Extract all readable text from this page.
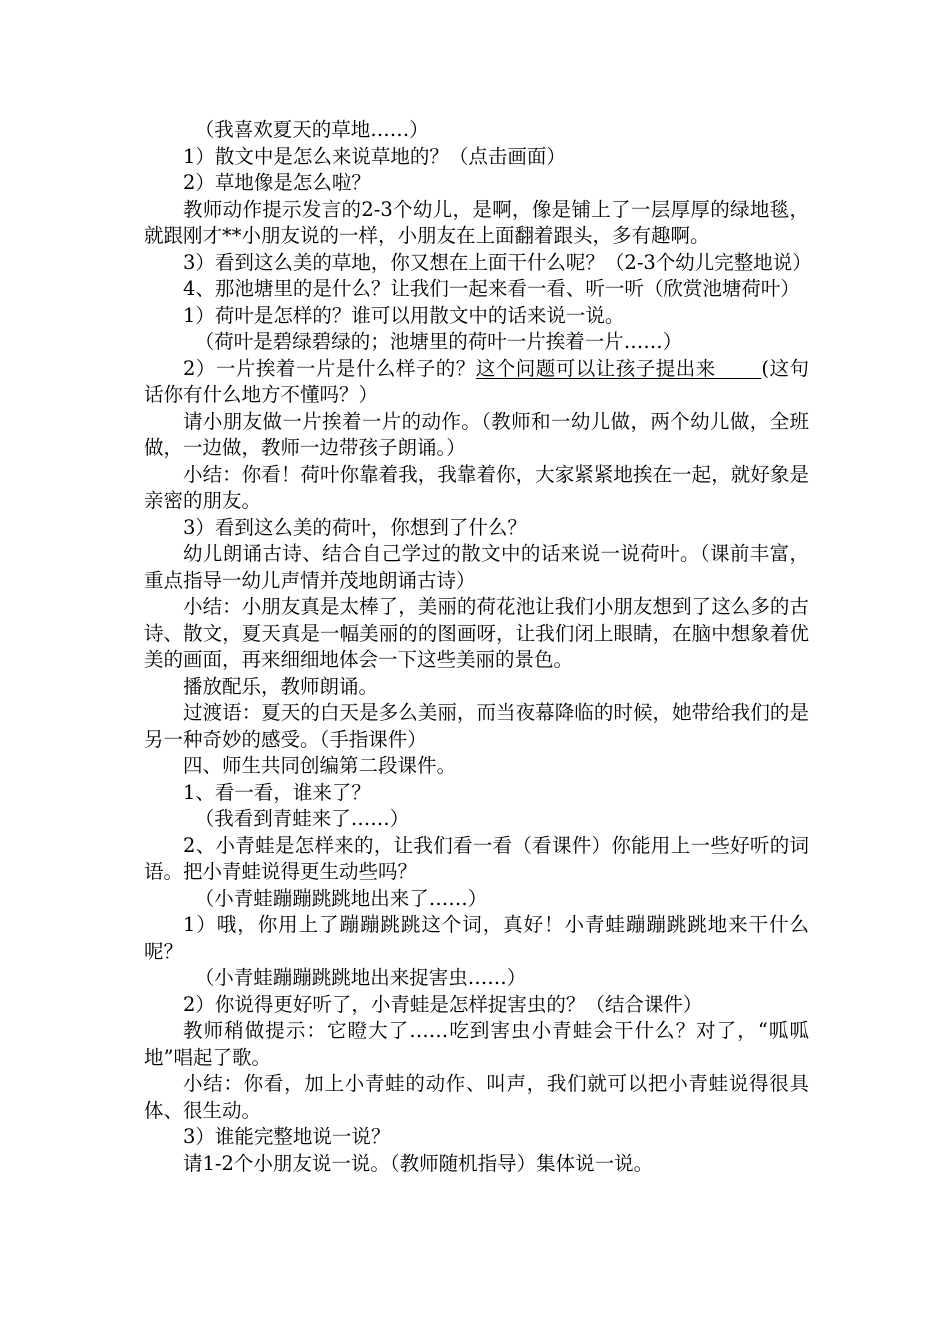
（我喜欢夏天的草地……）

1）散文中是怎么来说草地的？（点击画面）

2）草地像是怎么啦？

教师动作提示发言的2-3个幼儿，是啊，像是铺上了一层厚厚的绿地毯，就跟刚才**小朋友说的一样，小朋友在上面翻着跟头，多有趣啊。

3）看到这么美的草地，你又想在上面干什么呢？（2-3个幼儿完整地说）

4、那池塘里的是什么？让我们一起来看一看、听一听（欣赏池塘荷叶）

1）荷叶是怎样的？谁可以用散文中的话来说一说。

（荷叶是碧绿碧绿的；池塘里的荷叶一片挨着一片……）

2）一片挨着一片是什么样子的？这个问题可以让孩子提出来   (这句话你有什么地方不懂吗？）

请小朋友做一片挨着一片的动作。（教师和一幼儿做，两个幼儿做，全班做，一边做，教师一边带孩子朗诵。）

小结：你看！荷叶你靠着我，我靠着你，大家紧紧地挨在一起，就好象是亲密的朋友。

3）看到这么美的荷叶，你想到了什么？

幼儿朗诵古诗、结合自己学过的散文中的话来说一说荷叶。（课前丰富，重点指导一幼儿声情并茂地朗诵古诗）

小结：小朋友真是太棒了，美丽的荷花池让我们小朋友想到了这么多的古诗、散文，夏天真是一幅美丽的的图画呀，让我们闭上眼睛，在脑中想象着优美的画面，再来细细地体会一下这些美丽的景色。

播放配乐，教师朗诵。

过渡语：夏天的白天是多么美丽，而当夜幕降临的时候，她带给我们的是另一种奇妙的感受。（手指课件）

四、师生共同创编第二段课件。

1、看一看，谁来了？

（我看到青蛙来了……）

2、小青蛙是怎样来的，让我们看一看（看课件）你能用上一些好听的词语。把小青蛙说得更生动些吗？

（小青蛙蹦蹦跳跳地出来了……）

1）哦，你用上了蹦蹦跳跳这个词，真好！小青蛙蹦蹦跳跳地来干什么呢？

（小青蛙蹦蹦跳跳地出来捉害虫……）

2）你说得更好听了，小青蛙是怎样捉害虫的？（结合课件）

教师稍做提示：它瞪大了……吃到害虫小青蛙会干什么？对了，“呱呱地”唱起了歌。

小结：你看，加上小青蛙的动作、叫声，我们就可以把小青蛙说得很具体、很生动。

3）谁能完整地说一说？

请1-2个小朋友说一说。（教师随机指导）集体说一说。
